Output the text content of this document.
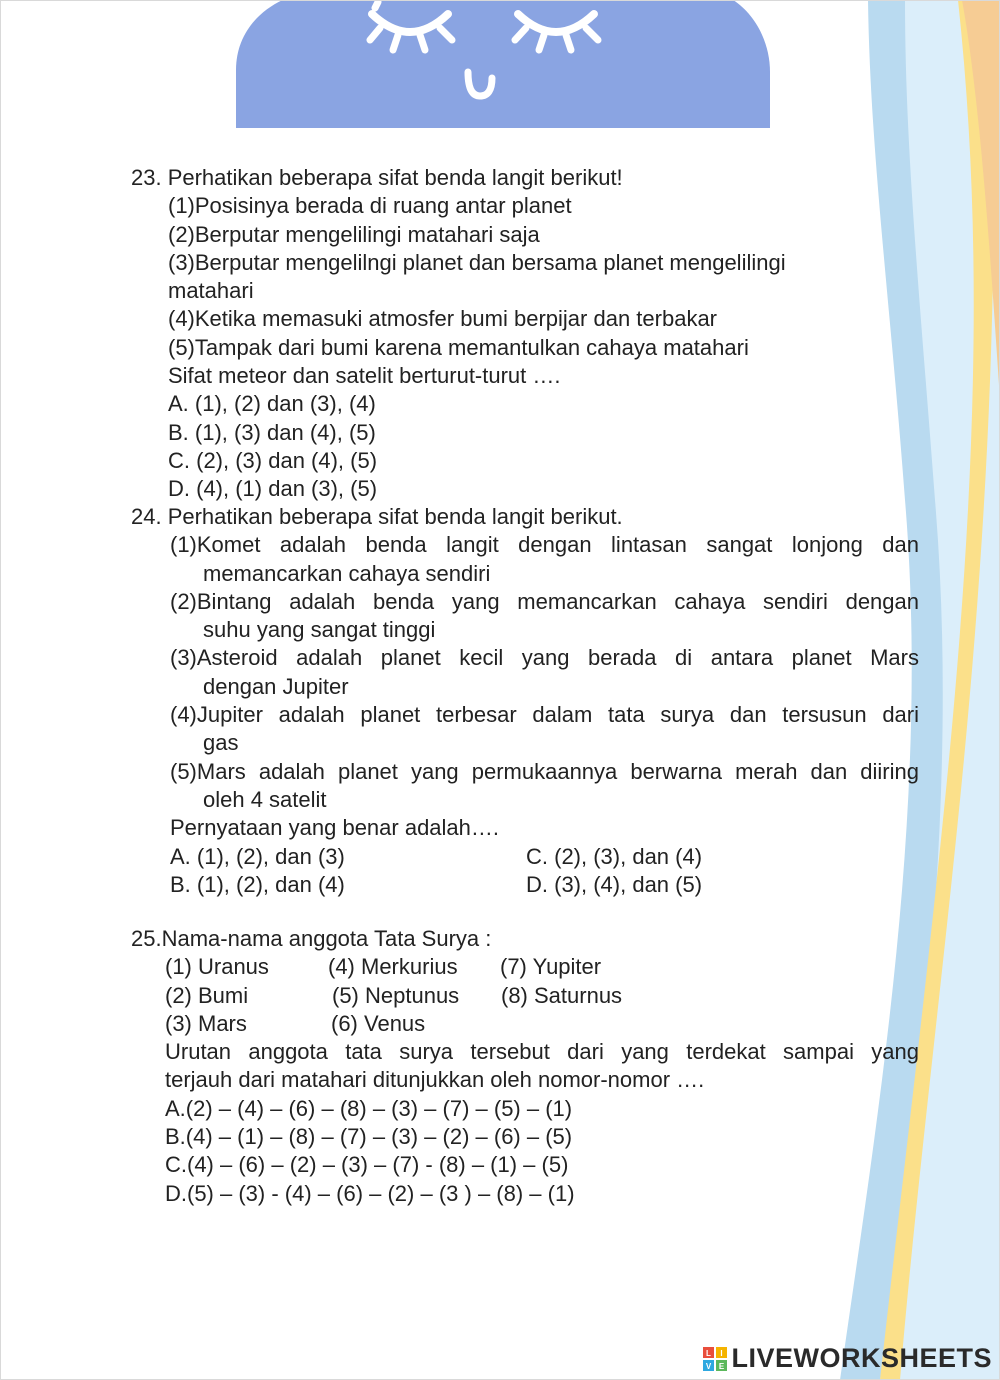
23. Perhatikan beberapa sifat benda langit berikut!
(1)Posisinya berada di ruang antar planet
(2)Berputar mengelilingi matahari saja
(3)Berputar mengelilngi planet dan bersama planet mengelilingi
matahari
(4)Ketika memasuki atmosfer bumi berpijar dan terbakar
(5)Tampak dari bumi karena memantulkan cahaya matahari
Sifat meteor dan satelit berturut-turut ….
A. (1), (2) dan (3), (4)
B. (1), (3) dan (4), (5)
C. (2), (3) dan (4), (5)
D. (4), (1) dan (3), (5)
24. Perhatikan beberapa sifat benda langit berikut.
(1)Komet adalah benda langit dengan lintasan sangat lonjong dan
memancarkan cahaya sendiri
(2)Bintang adalah benda yang memancarkan cahaya sendiri dengan
suhu yang sangat tinggi
(3)Asteroid adalah planet kecil yang berada di antara planet Mars
dengan Jupiter
(4)Jupiter adalah planet terbesar dalam tata surya dan tersusun dari
gas
(5)Mars adalah planet yang permukaannya berwarna merah dan diiring
oleh 4 satelit
Pernyataan yang benar adalah….
A. (1), (2), dan (3)	C. (2), (3), dan (4)
B. (1), (2), dan (4)	D. (3), (4), dan (5)
25.Nama-nama anggota Tata Surya :
(1) Uranus	(4) Merkurius (7) Yupiter
(2) Bumi	(5) Neptunus (8) Saturnus
(3) Mars	(6) Venus
Urutan anggota tata surya tersebut dari yang terdekat sampai yang
terjauh dari matahari ditunjukkan oleh nomor-nomor ….
A.(2) – (4) – (6) – (8) – (3) – (7) – (5) – (1)
B.(4) – (1) – (8) – (7) – (3) – (2) – (6) – (5)
C.(4) – (6) – (2) – (3) – (7) - (8) – (1) – (5)
D.(5) – (3) - (4) – (6) – (2) – (3 ) – (8) – (1)
L I
V E LIVEWORKSHEETS
